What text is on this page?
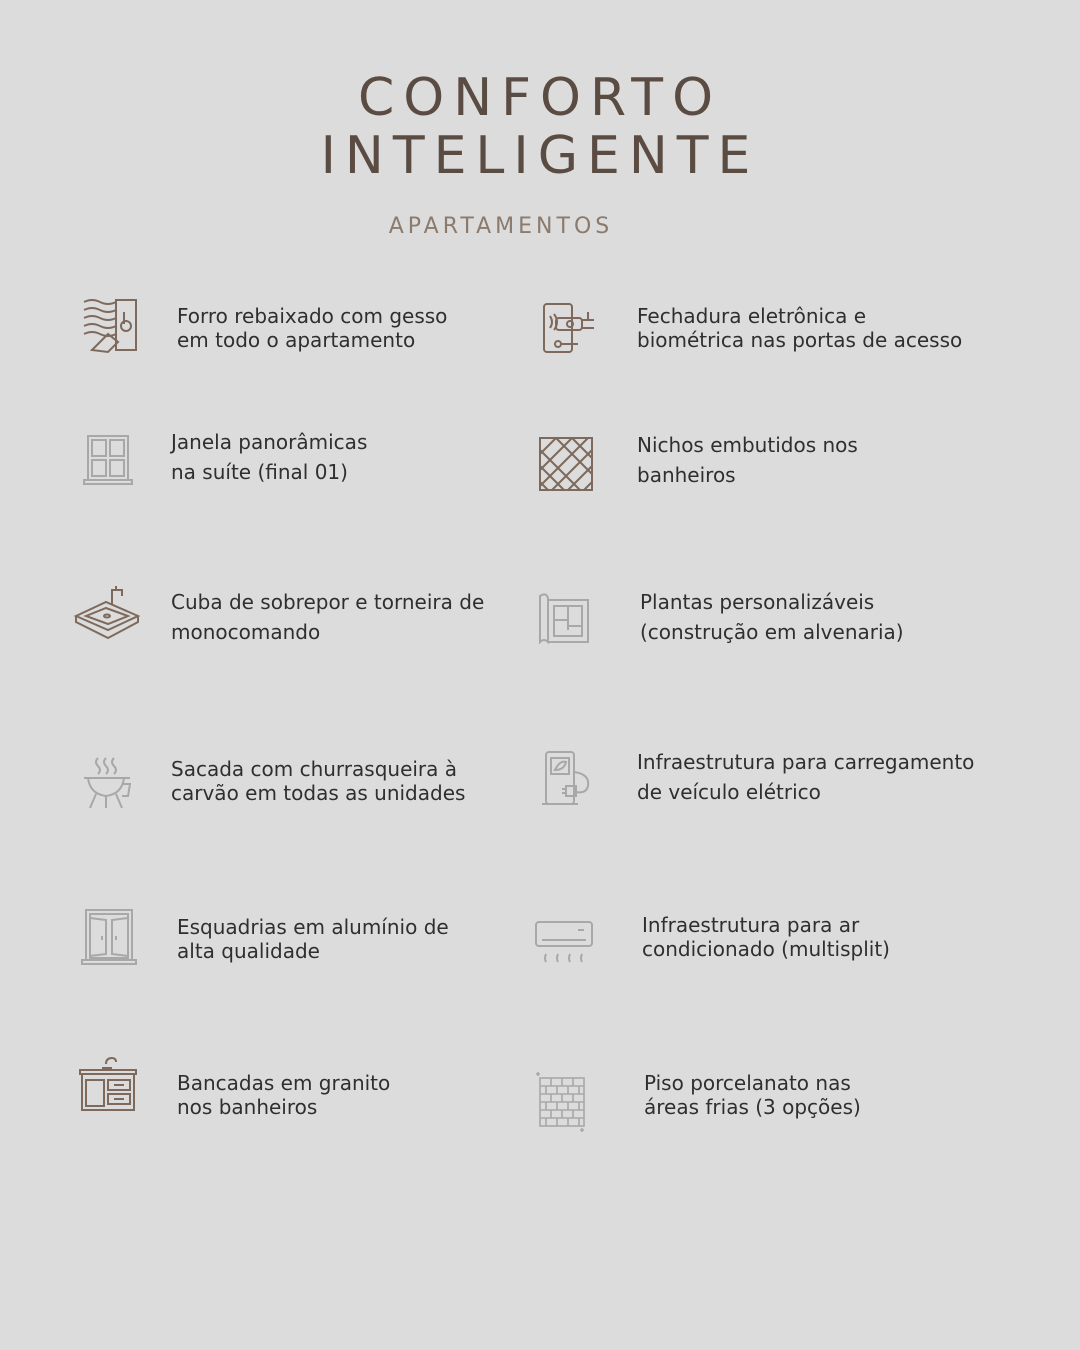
CONFORTO
INTELIGENTE
APARTAMENTOS
Forro rebaixado com gesso
em todo o apartamento
Fechadura eletrônica e
biométrica nas portas de acesso
Janela panorâmicas
na suíte (final 01)
Nichos embutidos nos
banheiros
Cuba de sobrepor e torneira de
monocomando
Plantas personalizáveis
(construção em alvenaria)
Sacada com churrasqueira à
carvão em todas as unidades
Infraestrutura para carregamento
de veículo elétrico
Esquadrias em alumínio de
alta qualidade
Infraestrutura para ar
condicionado (multisplit)
Bancadas em granito
nos banheiros
Piso porcelanato nas
áreas frias (3 opções)
